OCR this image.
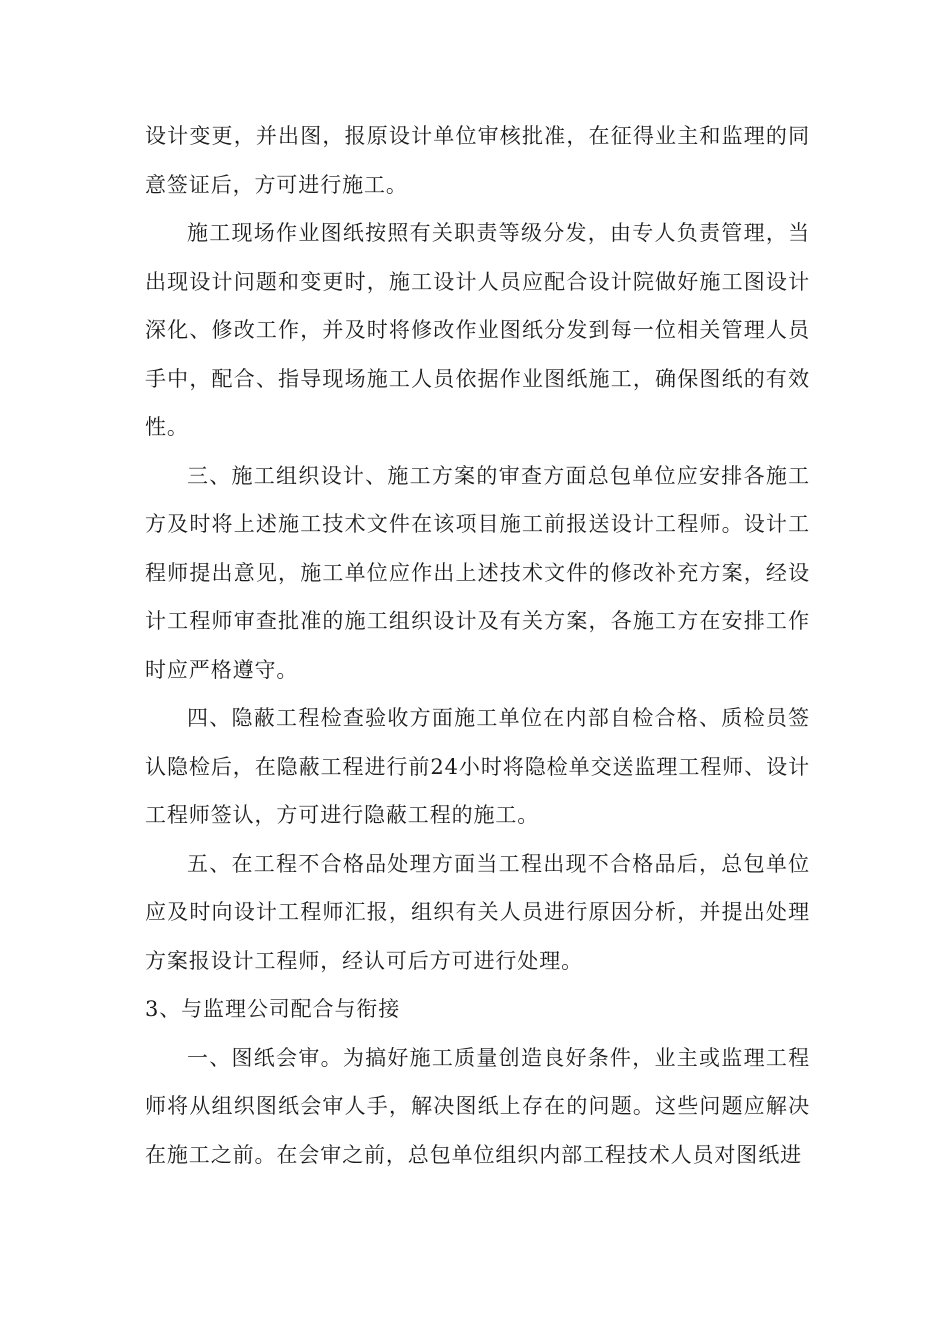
设计变更，并出图，报原设计单位审核批准，在征得业主和监理的同意签证后，方可进行施工。

施工现场作业图纸按照有关职责等级分发，由专人负责管理，当出现设计问题和变更时，施工设计人员应配合设计院做好施工图设计深化、修改工作，并及时将修改作业图纸分发到每一位相关管理人员手中，配合、指导现场施工人员依据作业图纸施工，确保图纸的有效性。

三、施工组织设计、施工方案的审查方面总包单位应安排各施工方及时将上述施工技术文件在该项目施工前报送设计工程师。设计工程师提出意见，施工单位应作出上述技术文件的修改补充方案，经设计工程师审查批准的施工组织设计及有关方案，各施工方在安排工作时应严格遵守。

四、隐蔽工程检查验收方面施工单位在内部自检合格、质检员签认隐检后，在隐蔽工程进行前24小时将隐检单交送监理工程师、设计工程师签认，方可进行隐蔽工程的施工。

五、在工程不合格品处理方面当工程出现不合格品后，总包单位应及时向设计工程师汇报，组织有关人员进行原因分析，并提出处理方案报设计工程师，经认可后方可进行处理。

3、与监理公司配合与衔接

一、图纸会审。为搞好施工质量创造良好条件，业主或监理工程师将从组织图纸会审人手，解决图纸上存在的问题。这些问题应解决在施工之前。在会审之前，总包单位组织内部工程技术人员对图纸进
